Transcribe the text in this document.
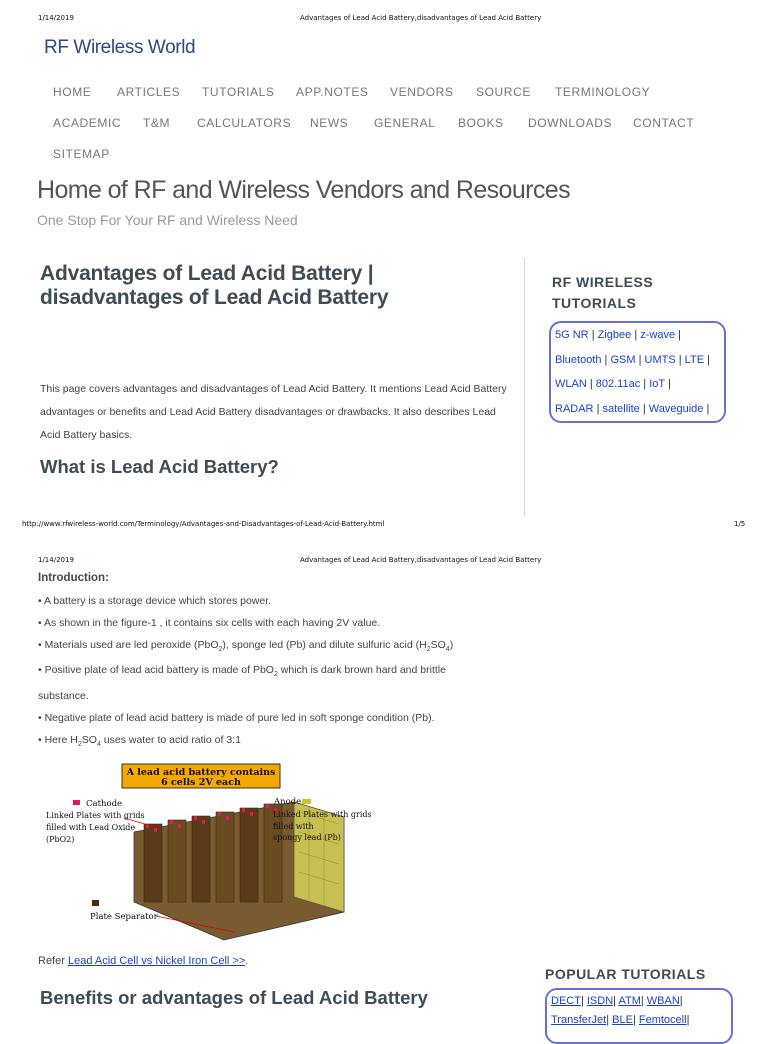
1/14/2019	Advantages of Lead Acid Battery,disadvantages of Lead Acid Battery
RF Wireless World
HOME ARTICLES TUTORIALS APP.NOTES VENDORS SOURCE TERMINOLOGY
ACADEMIC T&M CALCULATORS NEWS GENERAL BOOKS DOWNLOADS CONTACT
SITEMAP
Home of RF and Wireless Vendors and Resources
One Stop For Your RF and Wireless Need
Advantages of Lead Acid Battery |
disadvantages of Lead Acid Battery
This page covers advantages and disadvantages of Lead Acid Battery. It mentions Lead Acid Battery advantages or benefits and Lead Acid Battery disadvantages or drawbacks. It also describes Lead Acid Battery basics.
What is Lead Acid Battery?
RF WIRELESS
TUTORIALS
5G NR | Zigbee | z-wave |
Bluetooth | GSM | UMTS | LTE |
WLAN | 802.11ac | IoT |
RADAR | satellite | Waveguide |
http://www.rfwireless-world.com/Terminology/Advantages-and-Disadvantages-of-Lead-Acid-Battery.html	1/5
1/14/2019	Advantages of Lead Acid Battery,disadvantages of Lead Acid Battery
Introduction:
• A battery is a storage device which stores power.
• As shown in the figure-1 , it contains six cells with each having 2V value.
• Materials used are led peroxide (PbO$_2$), sponge led (Pb) and dilute sulfuric acid $(H_2SO_4)$
• Positive plate of lead acid battery is made of PbO$_2$ which is dark brown hard and brittle substance.
• Negative plate of lead acid battery is made of pure led in soft sponge condition (Pb).
• Here $H_2SO_4$ uses water to acid ratio of 3:1
A lead acid battery contains
6 cells 2V each
Cathode
Linked Plates with grids
filled with Lead Oxide
(PbO2)
Anode
Linked Plates with grids
filled with
spongy lead (Pb)
Plate Separator
Refer Lead Acid Cell vs Nickel Iron Cell >>.
Benefits or advantages of Lead Acid Battery
POPULAR TUTORIALS
DECT| ISDN| ATM| WBAN|
TransferJet| BLE| Femtocell|
